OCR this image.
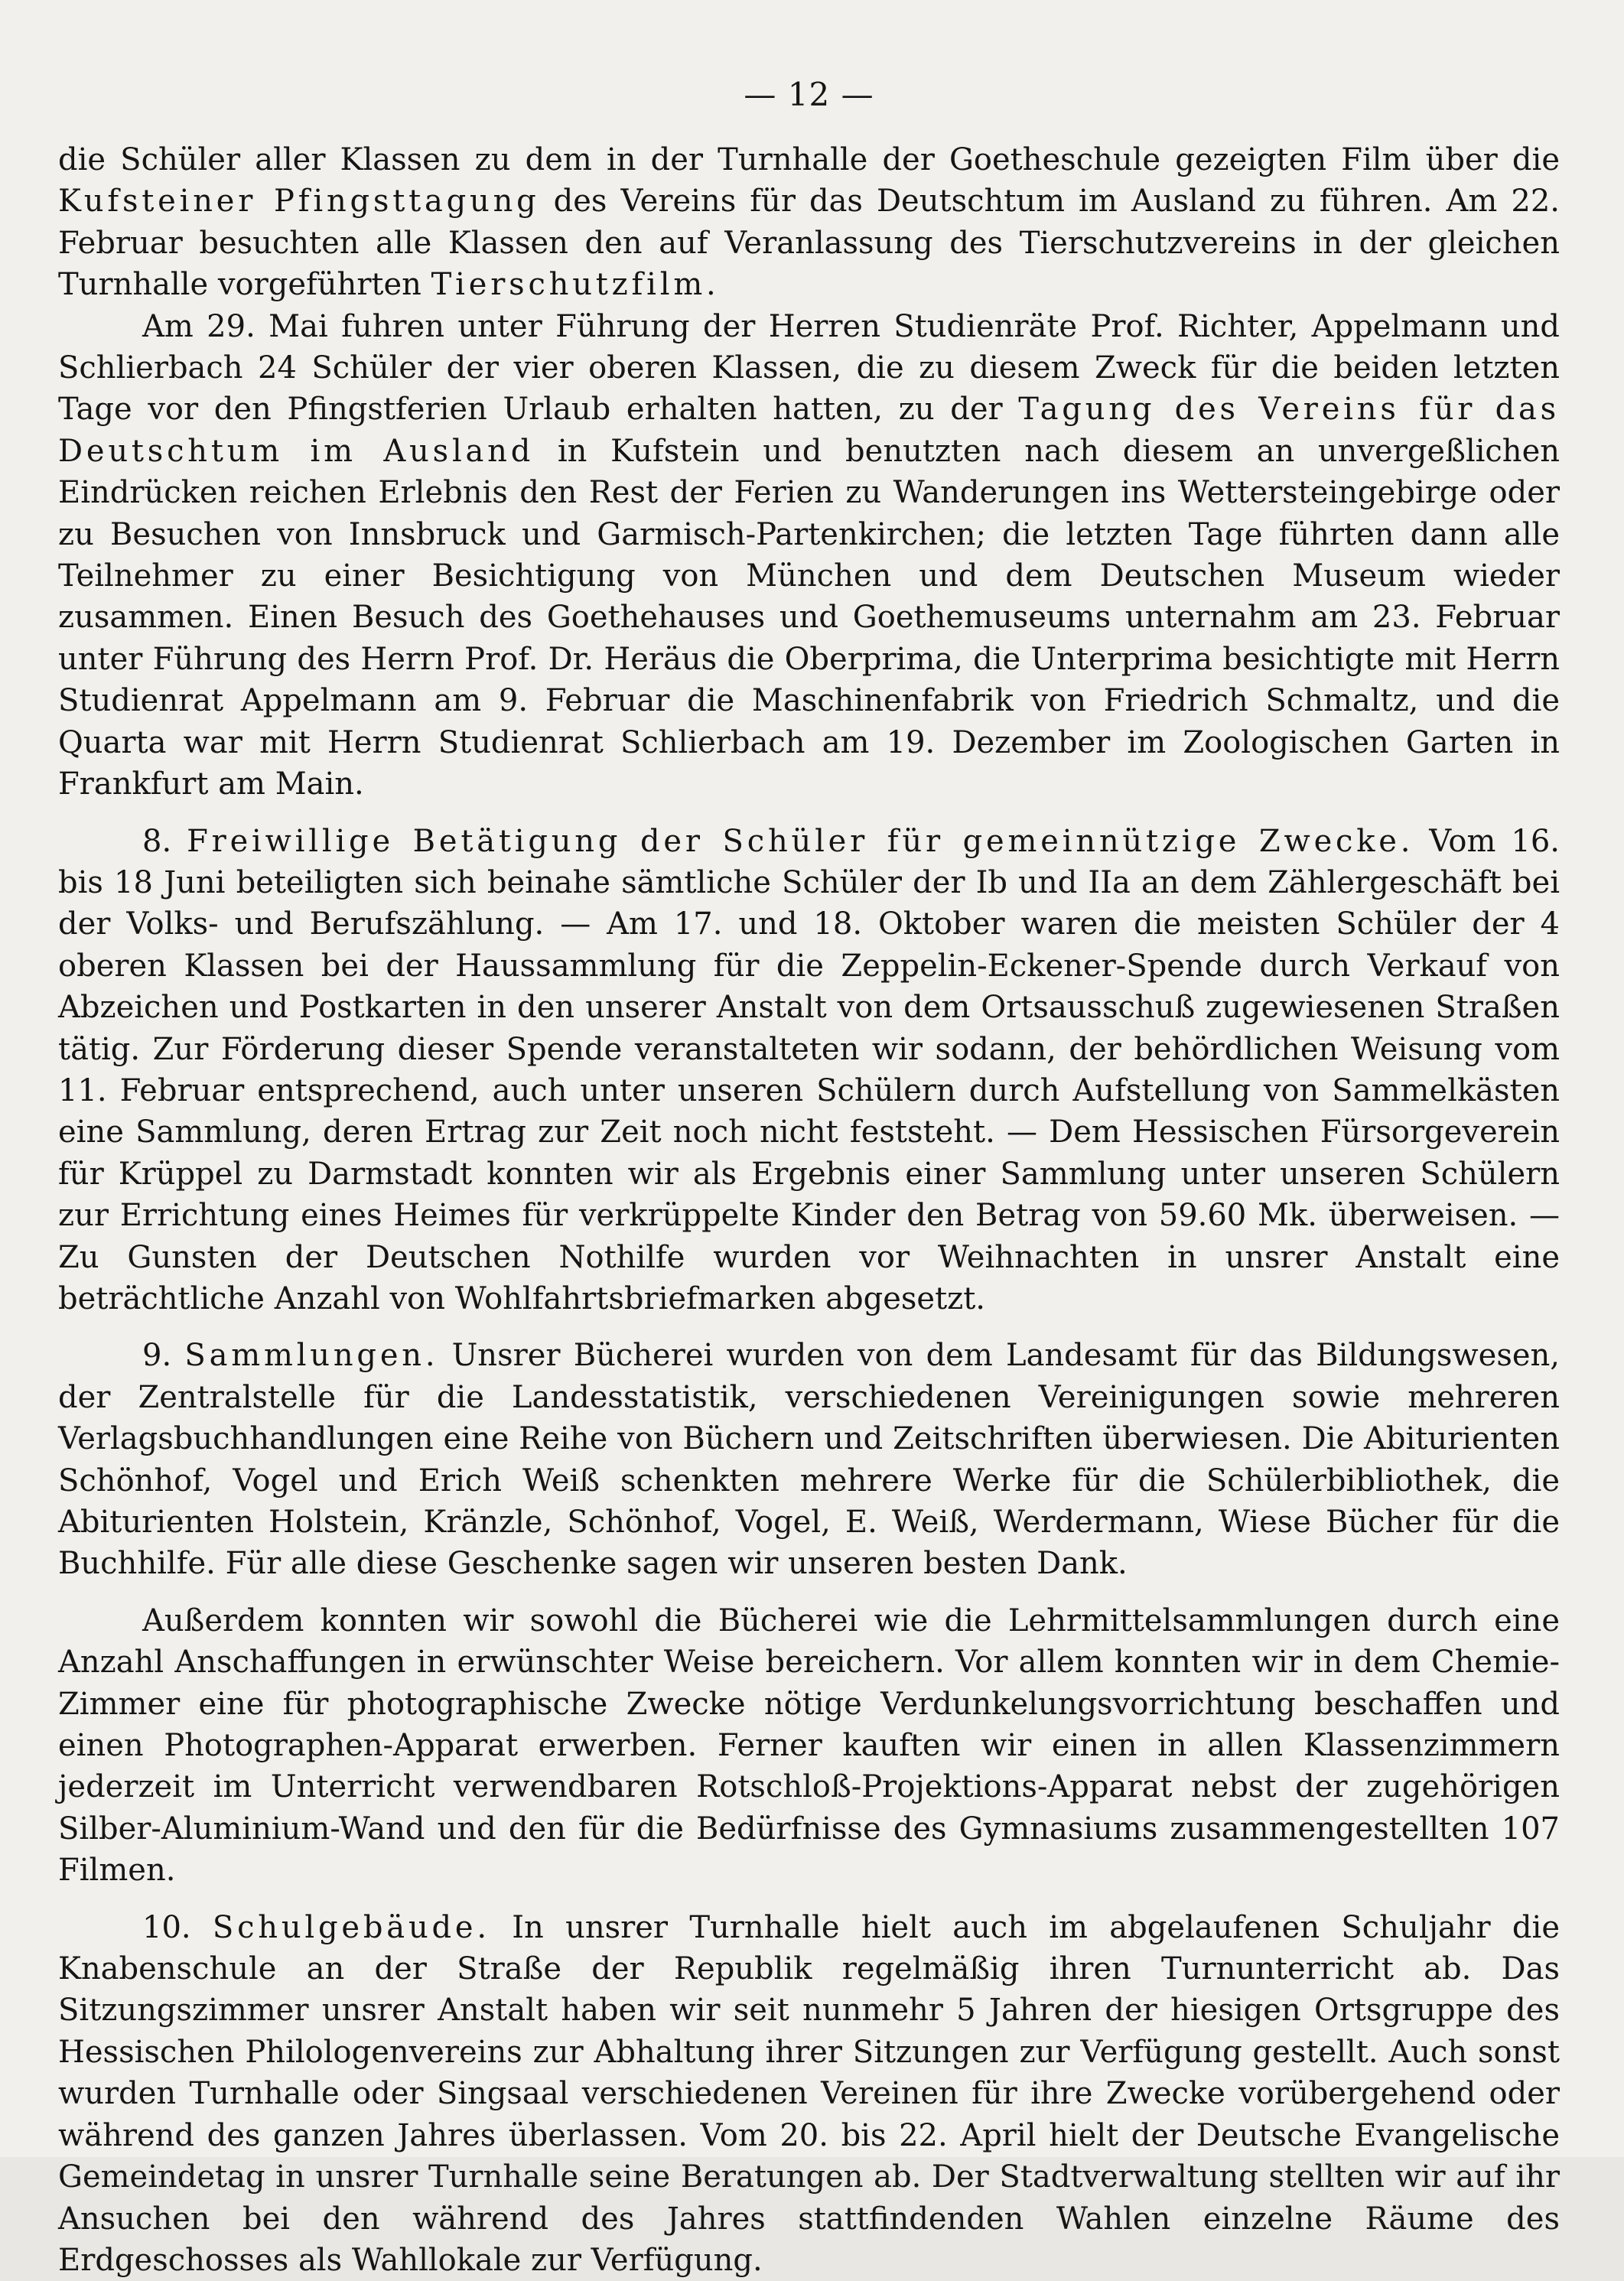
— 12 —

die Schüler aller Klassen zu dem in der Turnhalle der Goetheschule gezeigten Film über die Kufsteiner Pfingsttagung des Vereins für das Deutschtum im Ausland zu führen. Am 22. Februar besuchten alle Klassen den auf Veranlassung des Tierschutzvereins in der gleichen Turnhalle vorgeführten Tierschutzfilm.

Am 29. Mai fuhren unter Führung der Herren Studienräte Prof. Richter, Appelmann und Schlierbach 24 Schüler der vier oberen Klassen, die zu diesem Zweck für die beiden letzten Tage vor den Pfingstferien Urlaub erhalten hatten, zu der Tagung des Vereins für das Deutschtum im Ausland in Kufstein und benutzten nach diesem an unvergeßlichen Eindrücken reichen Erlebnis den Rest der Ferien zu Wanderungen ins Wettersteingebirge oder zu Besuchen von Innsbruck und Garmisch-Partenkirchen; die letzten Tage führten dann alle Teilnehmer zu einer Besichtigung von München und dem Deutschen Museum wieder zusammen. Einen Besuch des Goethehauses und Goethemuseums unternahm am 23. Februar unter Führung des Herrn Prof. Dr. Heräus die Oberprima, die Unterprima besichtigte mit Herrn Studienrat Appelmann am 9. Februar die Maschinenfabrik von Friedrich Schmaltz, und die Quarta war mit Herrn Studienrat Schlierbach am 19. Dezember im Zoologischen Garten in Frankfurt am Main.

8. Freiwillige Betätigung der Schüler für gemeinnützige Zwecke. Vom 16. bis 18 Juni beteiligten sich beinahe sämtliche Schüler der Ib und IIa an dem Zählergeschäft bei der Volks- und Berufszählung. — Am 17. und 18. Oktober waren die meisten Schüler der 4 oberen Klassen bei der Haussammlung für die Zeppelin-Eckener-Spende durch Verkauf von Abzeichen und Postkarten in den unserer Anstalt von dem Ortsausschuß zugewiesenen Straßen tätig. Zur Förderung dieser Spende veranstalteten wir sodann, der behördlichen Weisung vom 11. Februar entsprechend, auch unter unseren Schülern durch Aufstellung von Sammelkästen eine Sammlung, deren Ertrag zur Zeit noch nicht feststeht. — Dem Hessischen Fürsorgeverein für Krüppel zu Darmstadt konnten wir als Ergebnis einer Sammlung unter unseren Schülern zur Errichtung eines Heimes für verkrüppelte Kinder den Betrag von 59.60 Mk. überweisen. — Zu Gunsten der Deutschen Nothilfe wurden vor Weihnachten in unsrer Anstalt eine beträchtliche Anzahl von Wohlfahrtsbriefmarken abgesetzt.

9. Sammlungen. Unsrer Bücherei wurden von dem Landesamt für das Bildungswesen, der Zentralstelle für die Landesstatistik, verschiedenen Vereinigungen sowie mehreren Verlagsbuchhandlungen eine Reihe von Büchern und Zeitschriften überwiesen. Die Abiturienten Schönhof, Vogel und Erich Weiß schenkten mehrere Werke für die Schülerbibliothek, die Abiturienten Holstein, Kränzle, Schönhof, Vogel, E. Weiß, Werdermann, Wiese Bücher für die Buchhilfe. Für alle diese Geschenke sagen wir unseren besten Dank.

Außerdem konnten wir sowohl die Bücherei wie die Lehrmittelsammlungen durch eine Anzahl Anschaffungen in erwünschter Weise bereichern. Vor allem konnten wir in dem Chemie-Zimmer eine für photographische Zwecke nötige Verdunkelungsvorrichtung beschaffen und einen Photographen-Apparat erwerben. Ferner kauften wir einen in allen Klassenzimmern jederzeit im Unterricht verwendbaren Rotschloß-Projektions-Apparat nebst der zugehörigen Silber-Aluminium-Wand und den für die Bedürfnisse des Gymnasiums zusammengestellten 107 Filmen.

10. Schulgebäude. In unsrer Turnhalle hielt auch im abgelaufenen Schuljahr die Knabenschule an der Straße der Republik regelmäßig ihren Turnunterricht ab. Das Sitzungszimmer unsrer Anstalt haben wir seit nunmehr 5 Jahren der hiesigen Ortsgruppe des Hessischen Philologenvereins zur Abhaltung ihrer Sitzungen zur Verfügung gestellt. Auch sonst wurden Turnhalle oder Singsaal verschiedenen Vereinen für ihre Zwecke vorübergehend oder während des ganzen Jahres überlassen. Vom 20. bis 22. April hielt der Deutsche Evangelische Gemeindetag in unsrer Turnhalle seine Beratungen ab. Der Stadtverwaltung stellten wir auf ihr Ansuchen bei den während des Jahres stattfindenden Wahlen einzelne Räume des Erdgeschosses als Wahllokale zur Verfügung.
